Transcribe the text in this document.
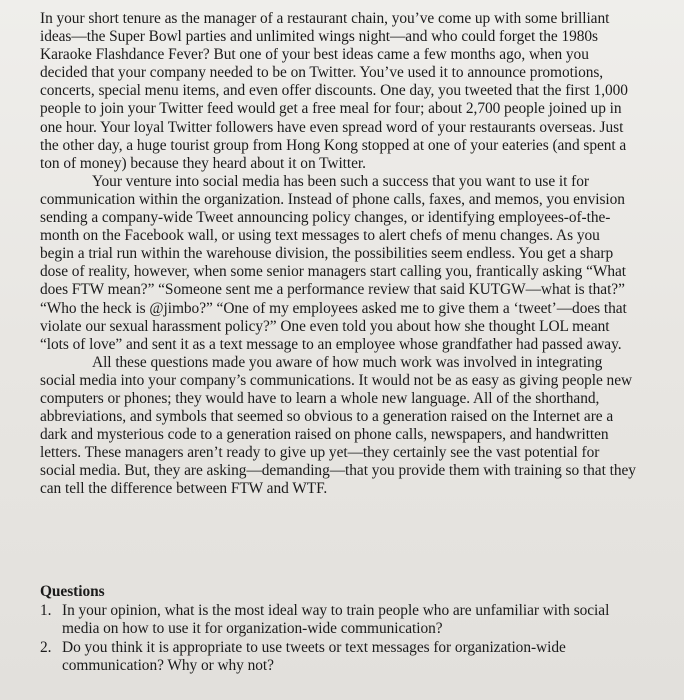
In your short tenure as the manager of a restaurant chain, you’ve come up with some brilliant ideas—the Super Bowl parties and unlimited wings night—and who could forget the 1980s Karaoke Flashdance Fever? But one of your best ideas came a few months ago, when you decided that your company needed to be on Twitter. You’ve used it to announce promotions, concerts, special menu items, and even offer discounts. One day, you tweeted that the first 1,000 people to join your Twitter feed would get a free meal for four; about 2,700 people joined up in one hour. Your loyal Twitter followers have even spread word of your restaurants overseas. Just the other day, a huge tourist group from Hong Kong stopped at one of your eateries (and spent a ton of money) because they heard about it on Twitter.

Your venture into social media has been such a success that you want to use it for communication within the organization. Instead of phone calls, faxes, and memos, you envision sending a company-wide Tweet announcing policy changes, or identifying employees-of-the-month on the Facebook wall, or using text messages to alert chefs of menu changes. As you begin a trial run within the warehouse division, the possibilities seem endless. You get a sharp dose of reality, however, when some senior managers start calling you, frantically asking “What does FTW mean?” “Someone sent me a performance review that said KUTGW—what is that?” “Who the heck is @jimbo?” “One of my employees asked me to give them a ‘tweet’—does that violate our sexual harassment policy?” One even told you about how she thought LOL meant “lots of love” and sent it as a text message to an employee whose grandfather had passed away.

All these questions made you aware of how much work was involved in integrating social media into your company’s communications. It would not be as easy as giving people new computers or phones; they would have to learn a whole new language. All of the shorthand, abbreviations, and symbols that seemed so obvious to a generation raised on the Internet are a dark and mysterious code to a generation raised on phone calls, newspapers, and handwritten letters. These managers aren’t ready to give up yet—they certainly see the vast potential for social media. But, they are asking—demanding—that you provide them with training so that they can tell the difference between FTW and WTF.

Questions
1. In your opinion, what is the most ideal way to train people who are unfamiliar with social media on how to use it for organization-wide communication?
2. Do you think it is appropriate to use tweets or text messages for organization-wide communication? Why or why not?
